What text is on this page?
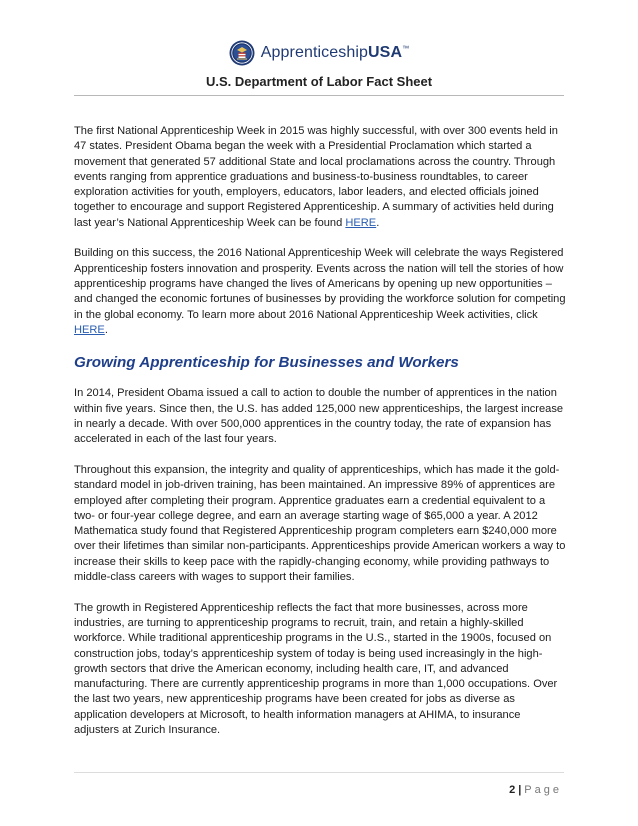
ApprenticeshipUSA™
U.S. Department of Labor Fact Sheet

The first National Apprenticeship Week in 2015 was highly successful, with over 300 events held in 47 states. President Obama began the week with a Presidential Proclamation which started a movement that generated 57 additional State and local proclamations across the country. Through events ranging from apprentice graduations and business-to-business roundtables, to career exploration activities for youth, employers, educators, labor leaders, and elected officials joined together to encourage and support Registered Apprenticeship. A summary of activities held during last year’s National Apprenticeship Week can be found HERE.

Building on this success, the 2016 National Apprenticeship Week will celebrate the ways Registered Apprenticeship fosters innovation and prosperity. Events across the nation will tell the stories of how apprenticeship programs have changed the lives of Americans by opening up new opportunities – and changed the economic fortunes of businesses by providing the workforce solution for competing in the global economy. To learn more about 2016 National Apprenticeship Week activities, click HERE.

Growing Apprenticeship for Businesses and Workers

In 2014, President Obama issued a call to action to double the number of apprentices in the nation within five years. Since then, the U.S. has added 125,000 new apprenticeships, the largest increase in nearly a decade. With over 500,000 apprentices in the country today, the rate of expansion has accelerated in each of the last four years.

Throughout this expansion, the integrity and quality of apprenticeships, which has made it the gold-standard model in job-driven training, has been maintained. An impressive 89% of apprentices are employed after completing their program. Apprentice graduates earn a credential equivalent to a two- or four-year college degree, and earn an average starting wage of $65,000 a year. A 2012 Mathematica study found that Registered Apprenticeship program completers earn $240,000 more over their lifetimes than similar non-participants. Apprenticeships provide American workers a way to increase their skills to keep pace with the rapidly-changing economy, while providing pathways to middle-class careers with wages to support their families.

The growth in Registered Apprenticeship reflects the fact that more businesses, across more industries, are turning to apprenticeship programs to recruit, train, and retain a highly-skilled workforce. While traditional apprenticeship programs in the U.S., started in the 1900s, focused on construction jobs, today’s apprenticeship system of today is being used increasingly in the high-growth sectors that drive the American economy, including health care, IT, and advanced manufacturing. There are currently apprenticeship programs in more than 1,000 occupations. Over the last two years, new apprenticeship programs have been created for jobs as diverse as application developers at Microsoft, to health information managers at AHIMA, to insurance adjusters at Zurich Insurance.

2 | Page
